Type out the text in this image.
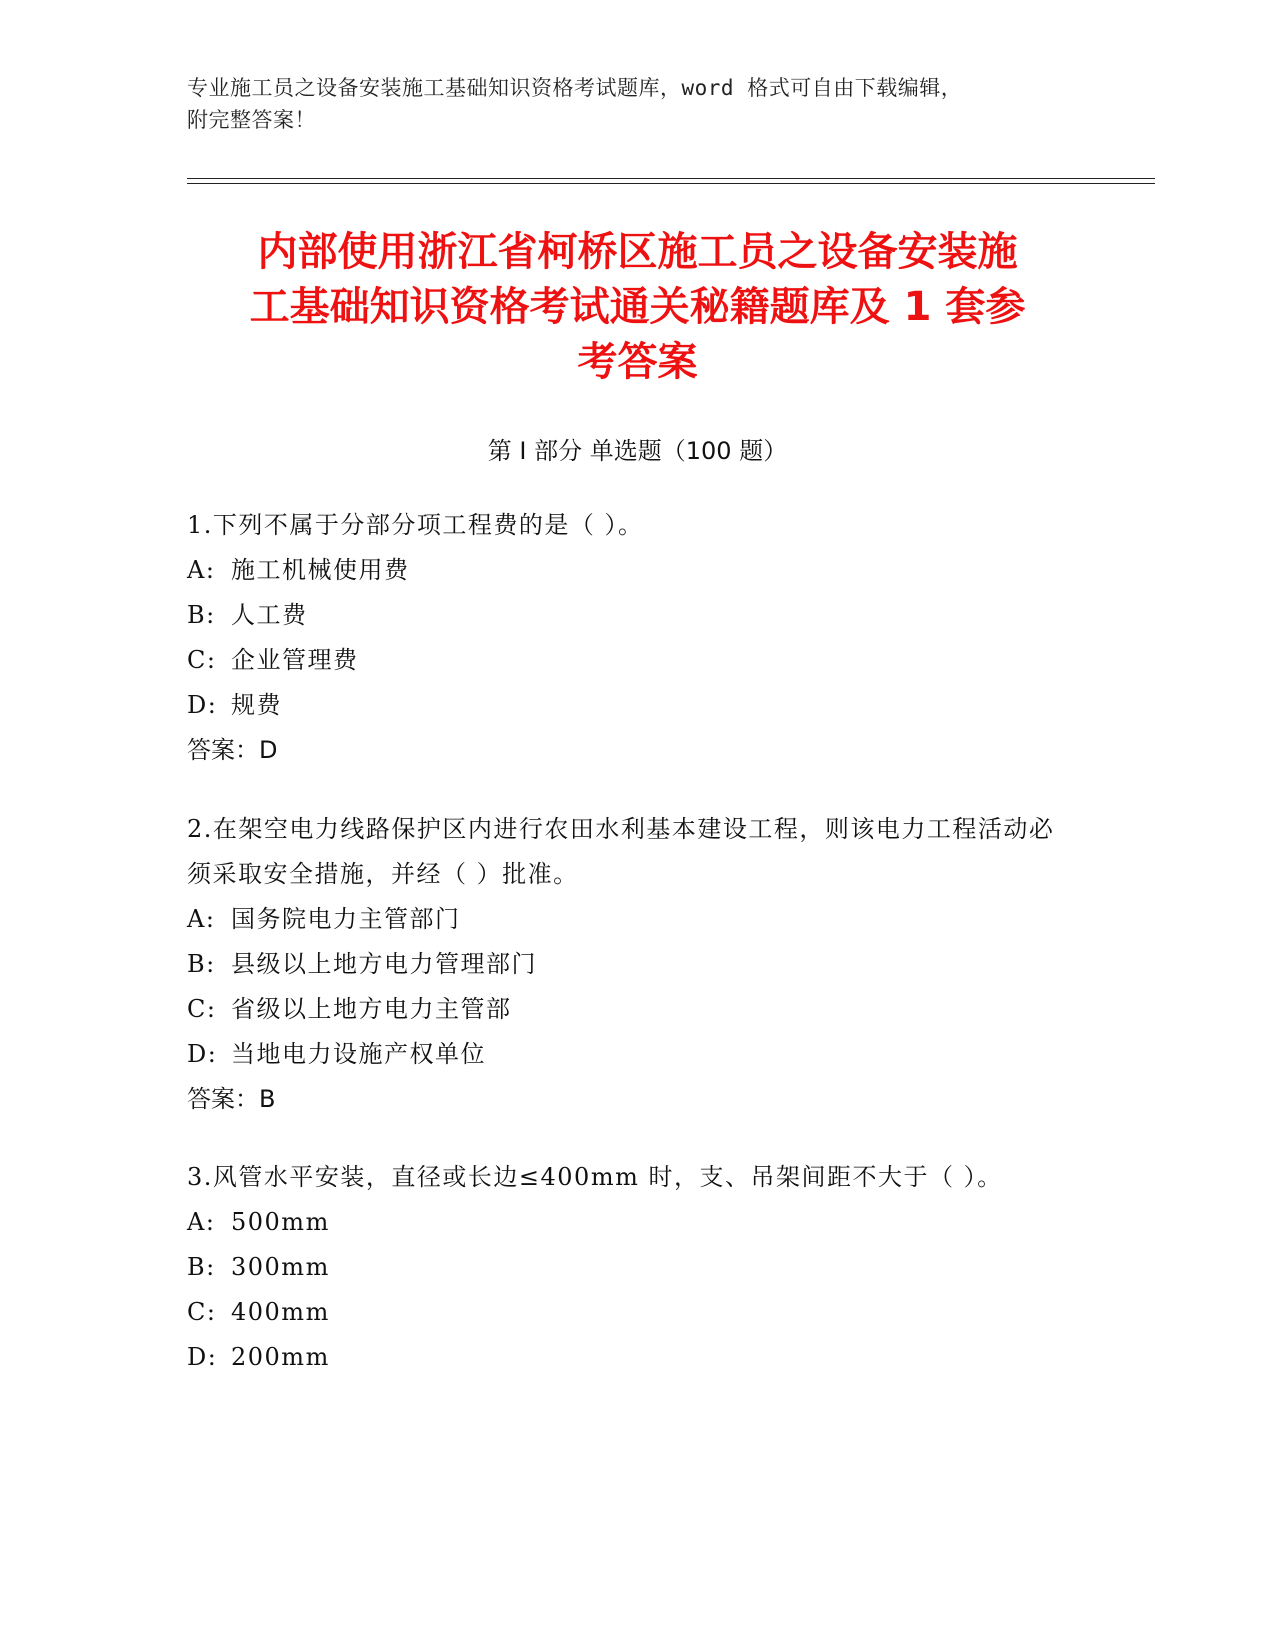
专业施工员之设备安装施工基础知识资格考试题库，word 格式可自由下载编辑，
附完整答案！
内部使用浙江省柯桥区施工员之设备安装施
工基础知识资格考试通关秘籍题库及 1 套参
考答案
第 I 部分 单选题（100 题）

1.下列不属于分部分项工程费的是（ ）。

A: 施工机械使用费

B: 人工费

C: 企业管理费

D: 规费

答案：D

2.在架空电力线路保护区内进行农田水利基本建设工程，则该电力工程活动必须采取安全措施，并经（ ）批准。

A: 国务院电力主管部门

B: 县级以上地方电力管理部门

C: 省级以上地方电力主管部

D: 当地电力设施产权单位

答案：B

3.风管水平安装，直径或长边≤400mm 时，支、吊架间距不大于（ ）。

A: 500mm

B: 300mm

C: 400mm

D: 200mm
